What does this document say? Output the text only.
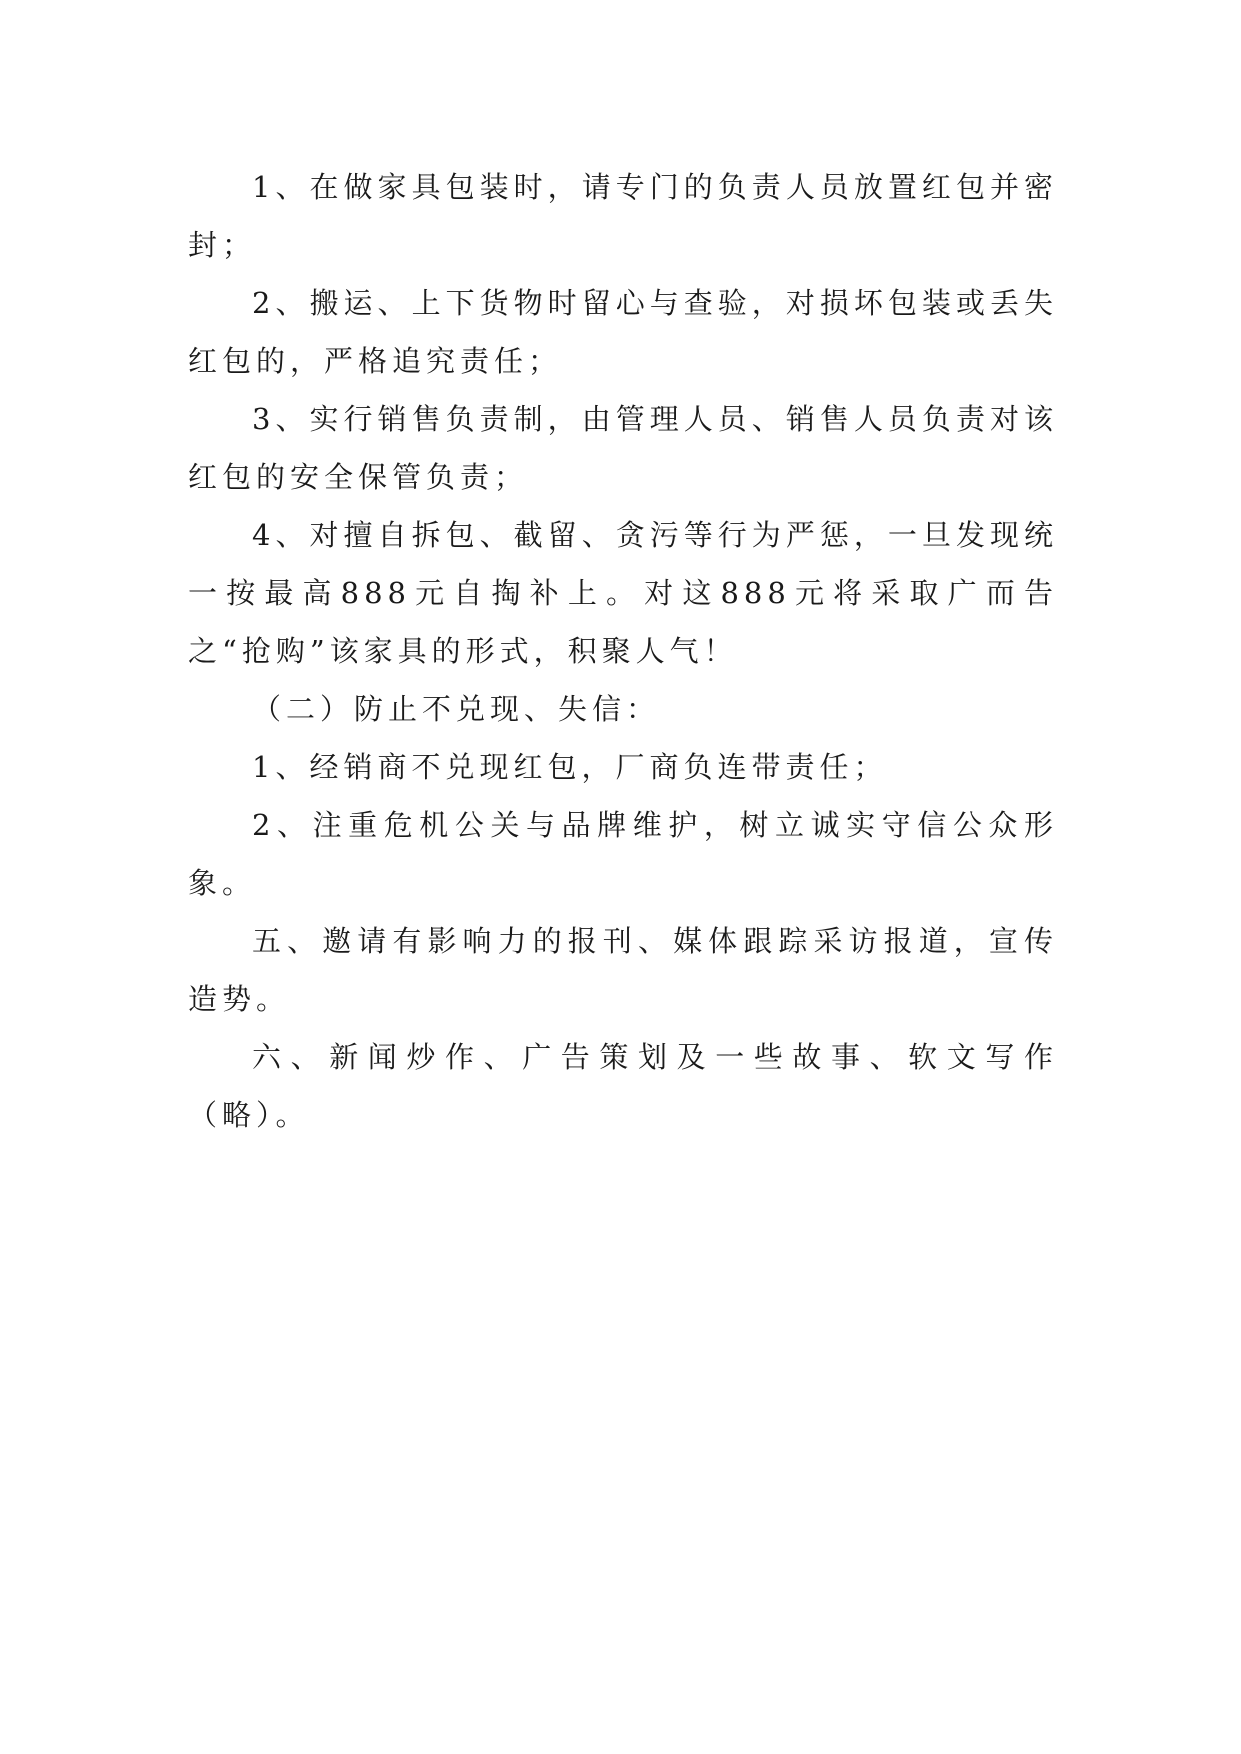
1、在做家具包装时，请专门的负责人员放置红包并密封；

2、搬运、上下货物时留心与查验，对损坏包装或丢失红包的，严格追究责任；

3、实行销售负责制，由管理人员、销售人员负责对该红包的安全保管负责；

4、对擅自拆包、截留、贪污等行为严惩，一旦发现统一按最高888元自掏补上。对这888元将采取广而告之“抢购”该家具的形式，积聚人气！

（二）防止不兑现、失信：

1、经销商不兑现红包，厂商负连带责任；

2、注重危机公关与品牌维护，树立诚实守信公众形象。

五、邀请有影响力的报刊、媒体跟踪采访报道，宣传造势。

六、新闻炒作、广告策划及一些故事、软文写作（略）。
